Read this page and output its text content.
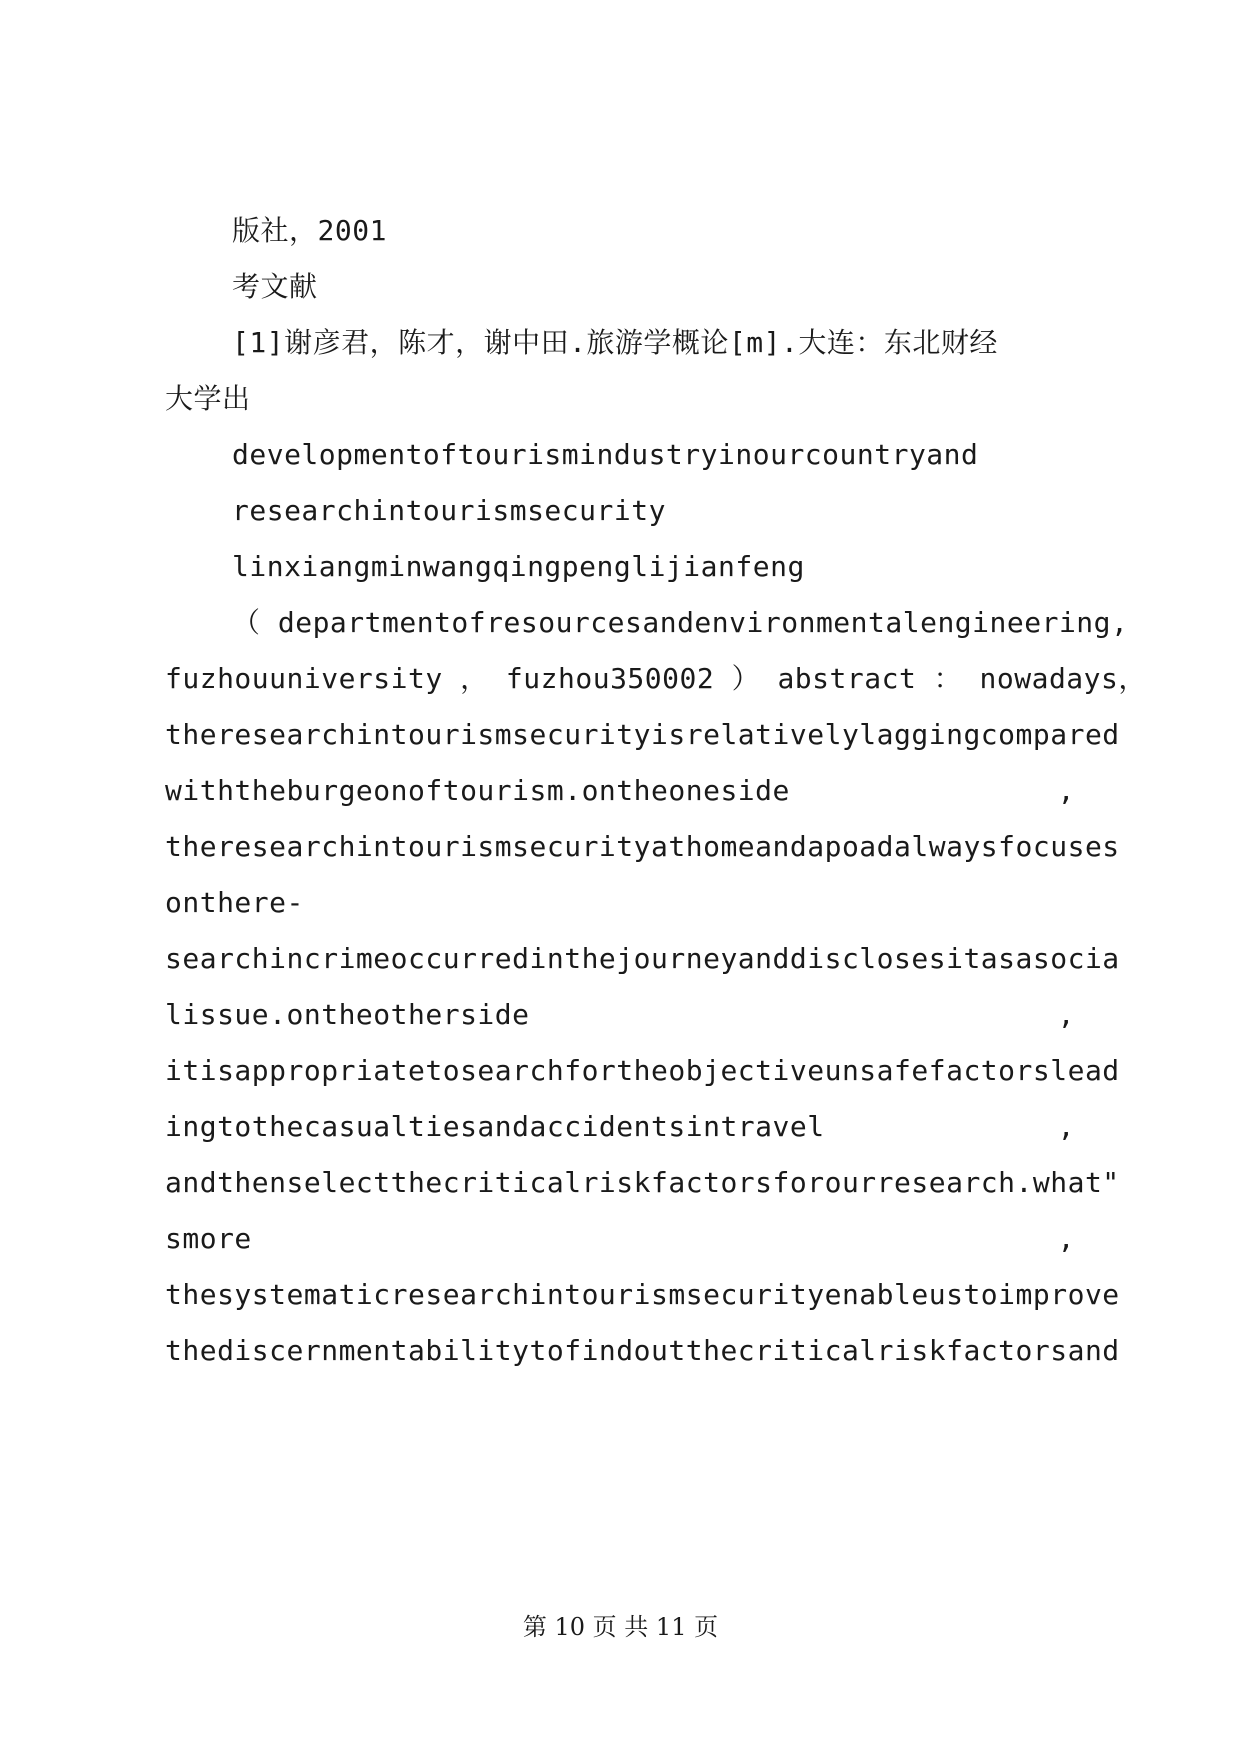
版社，2001
考文献
[1]谢彦君，陈才，谢中田.旅游学概论[m].大连：东北财经
大学出
developmentoftourismindustryinourcountryand
researchintourismsecurity
linxiangminwangqingpenglijianfeng
（ departmentofresourcesandenvironmentalengineering,
fuzhouuniversity ， fuzhou350002 ） abstract ： nowadays，
theresearchintourismsecurityisrelativelylaggingcompared
withtheburgeonoftourism.ontheoneside	,
theresearchintourismsecurityathomeandapoadalwaysfocuses
onthere-
searchincrimeoccurredinthejourneyanddisclosesitasasocia
lissue.ontheotherside	,
itisappropriatetosearchfortheobjectiveunsafefactorslead
ingtothecasualtiesandaccidentsintravel	,
andthenselectthecriticalriskfactorsforourresearch.what"
smore	,
thesystematicresearchintourismsecurityenableustoimprove
thediscernmentabilitytofindoutthecriticalriskfactorsand
第 10 页 共 11 页
